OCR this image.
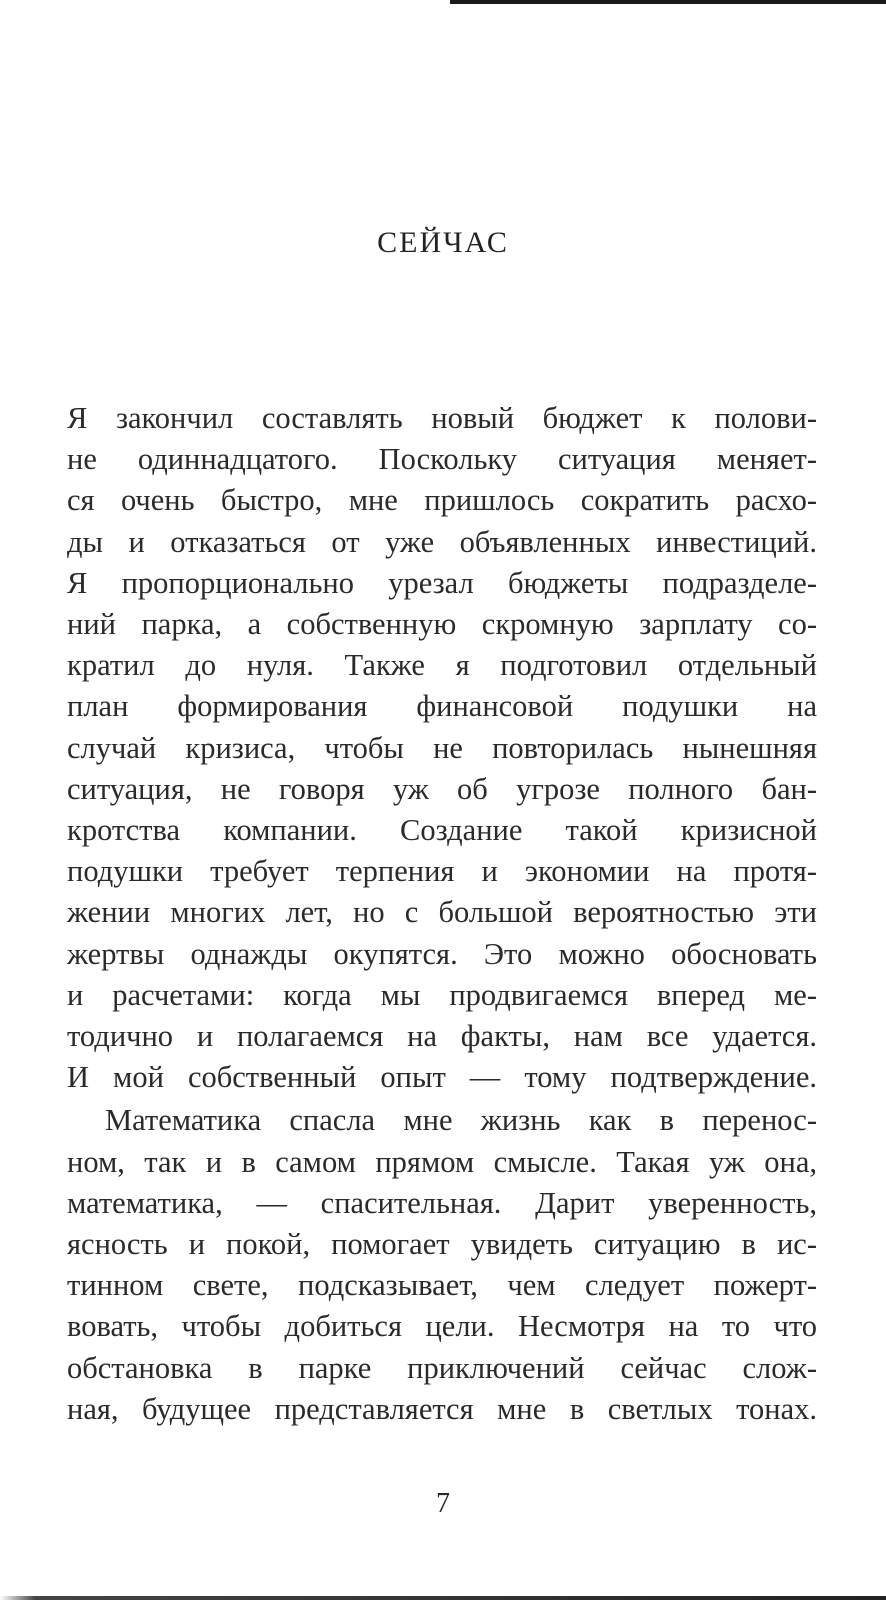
СЕЙЧАС
Я закончил составлять новый бюджет к полови-
не одиннадцатого. Поскольку ситуация меняет-
ся очень быстро, мне пришлось сократить расхо-
ды и отказаться от уже объявленных инвестиций.
Я пропорционально урезал бюджеты подразделе-
ний парка, а собственную скромную зарплату со-
кратил до нуля. Также я подготовил отдельный
план формирования финансовой подушки на
случай кризиса, чтобы не повторилась нынешняя
ситуация, не говоря уж об угрозе полного бан-
кротства компании. Создание такой кризисной
подушки требует терпения и экономии на протя-
жении многих лет, но с большой вероятностью эти
жертвы однажды окупятся. Это можно обосновать
и расчетами: когда мы продвигаемся вперед ме-
тодично и полагаемся на факты, нам все удается.
И мой собственный опыт — тому подтверждение.
Математика спасла мне жизнь как в перенос-
ном, так и в самом прямом смысле. Такая уж она,
математика, — спасительная. Дарит уверенность,
ясность и покой, помогает увидеть ситуацию в ис-
тинном свете, подсказывает, чем следует пожерт-
вовать, чтобы добиться цели. Несмотря на то что
обстановка в парке приключений сейчас слож-
ная, будущее представляется мне в светлых тонах.
7
